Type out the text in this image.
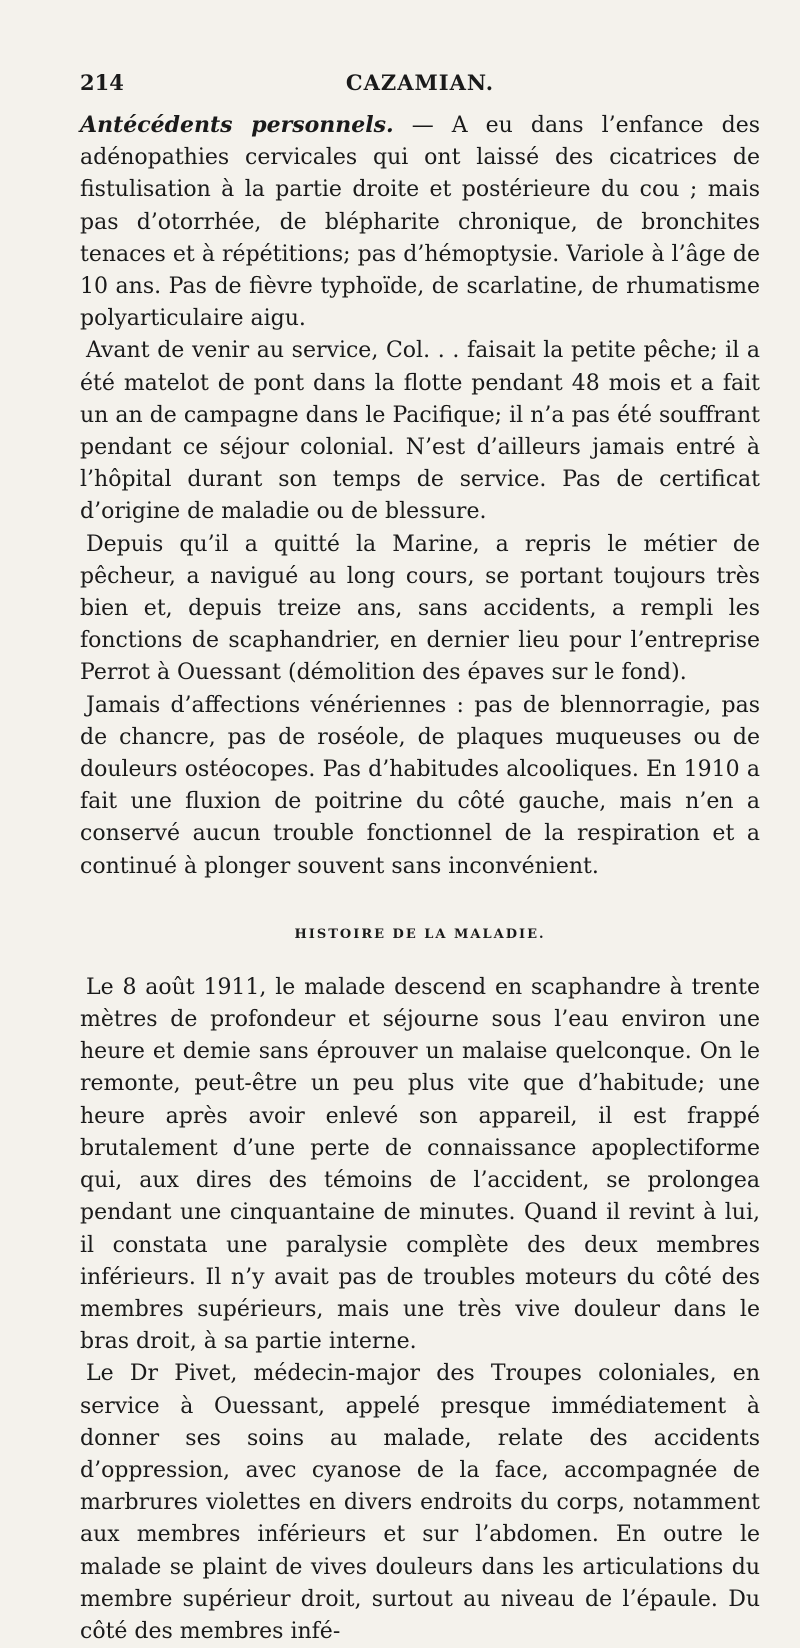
214	CAZAMIAN.

Antécédents personnels. — A eu dans l’enfance des adénopathies cervicales qui ont laissé des cicatrices de fistulisation à la partie droite et postérieure du cou ; mais pas d’otorrhée, de blépharite chronique, de bronchites tenaces et à répétitions; pas d’hémoptysie. Variole à l’âge de 10 ans. Pas de fièvre typhoïde, de scarlatine, de rhumatisme polyarticulaire aigu.

Avant de venir au service, Col. . . faisait la petite pêche; il a été matelot de pont dans la flotte pendant 48 mois et a fait un an de campagne dans le Pacifique; il n’a pas été souffrant pendant ce séjour colonial. N’est d’ailleurs jamais entré à l’hôpital durant son temps de service. Pas de certificat d’origine de maladie ou de blessure.

Depuis qu’il a quitté la Marine, a repris le métier de pêcheur, a navigué au long cours, se portant toujours très bien et, depuis treize ans, sans accidents, a rempli les fonctions de scaphandrier, en dernier lieu pour l’entreprise Perrot à Ouessant (démolition des épaves sur le fond).

Jamais d’affections vénériennes : pas de blennorragie, pas de chancre, pas de roséole, de plaques muqueuses ou de douleurs ostéocopes. Pas d’habitudes alcooliques. En 1910 a fait une fluxion de poitrine du côté gauche, mais n’en a conservé aucun trouble fonctionnel de la respiration et a continué à plonger souvent sans inconvénient.

HISTOIRE DE LA MALADIE.

Le 8 août 1911, le malade descend en scaphandre à trente mètres de profondeur et séjourne sous l’eau environ une heure et demie sans éprouver un malaise quelconque. On le remonte, peut-être un peu plus vite que d’habitude; une heure après avoir enlevé son appareil, il est frappé brutalement d’une perte de connaissance apoplectiforme qui, aux dires des témoins de l’accident, se prolongea pendant une cinquantaine de minutes. Quand il revint à lui, il constata une paralysie complète des deux membres inférieurs. Il n’y avait pas de troubles moteurs du côté des membres supérieurs, mais une très vive douleur dans le bras droit, à sa partie interne.

Le Dr Pivet, médecin-major des Troupes coloniales, en service à Ouessant, appelé presque immédiatement à donner ses soins au malade, relate des accidents d’oppression, avec cyanose de la face, accompagnée de marbrures violettes en divers endroits du corps, notamment aux membres inférieurs et sur l’abdomen. En outre le malade se plaint de vives douleurs dans les articulations du membre supérieur droit, surtout au niveau de l’épaule. Du côté des membres infé-
